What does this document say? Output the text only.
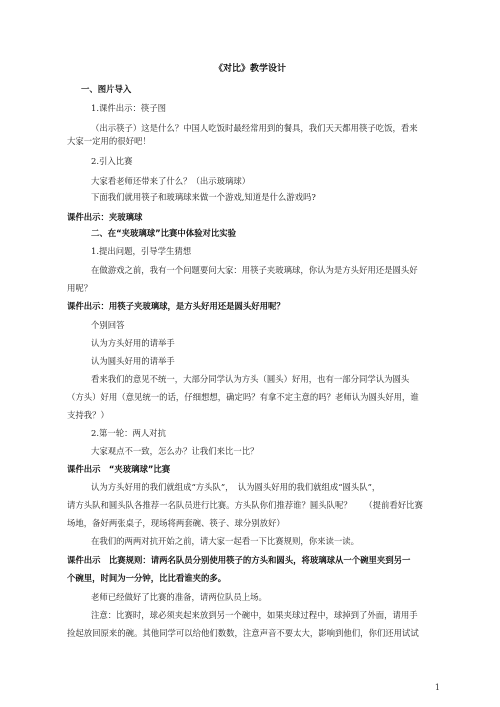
《对比》教学设计
一、图片导入
1.课件出示：筷子图
（出示筷子）这是什么？中国人吃饭时最经常用到的餐具，我们天天都用筷子吃饭，看来
大家一定用的很好吧！
2.引入比赛
大家看老师还带来了什么？（出示玻璃球）
下面我们就用筷子和玻璃球来做一个游戏,知道是什么游戏吗?
课件出示：夹玻璃球
二、在“夹玻璃球”比赛中体验对比实验
1.提出问题，引导学生猜想
在做游戏之前，我有一个问题要问大家：用筷子夹玻璃球，你认为是方头好用还是圆头好
用呢？
课件出示：用筷子夹玻璃球，是方头好用还是圆头好用呢？
个别回答
认为方头好用的请举手
认为圆头好用的请举手
看来我们的意见不统一，大部分同学认为方头（圆头）好用，也有一部分同学认为圆头
（方头）好用（意见统一的话，仔细想想，确定吗？有拿不定主意的吗？老师认为圆头好用，谁
支持我？）
2.第一轮：两人对抗
大家观点不一致，怎么办？让我们来比一比？
课件出示　“夹玻璃球”比赛
认为方头好用的我们就组成“方头队”，　认为圆头好用的我们就组成“圆头队”，
请方头队和圆头队各推荐一名队员进行比赛。方头队你们推荐谁？圆头队呢？　　（提前看好比赛
场地，备好两张桌子，现场将两套碗、筷子、球分别放好）
在我们的两两对抗开始之前，请大家一起看一下比赛规则，你来读一读。
课件出示　比赛规则：请两名队员分别使用筷子的方头和圆头，将玻璃球从一个碗里夹到另一
个碗里，时间为一分钟，比比看谁夹的多。
老师已经做好了比赛的准备，请两位队员上场。
注意：比赛时，球必须夹起来放到另一个碗中，如果夹球过程中，球掉到了外面，请用手
捡起放回原来的碗。其他同学可以给他们数数，注意声音不要太大，影响到他们，你们还用试试
1
